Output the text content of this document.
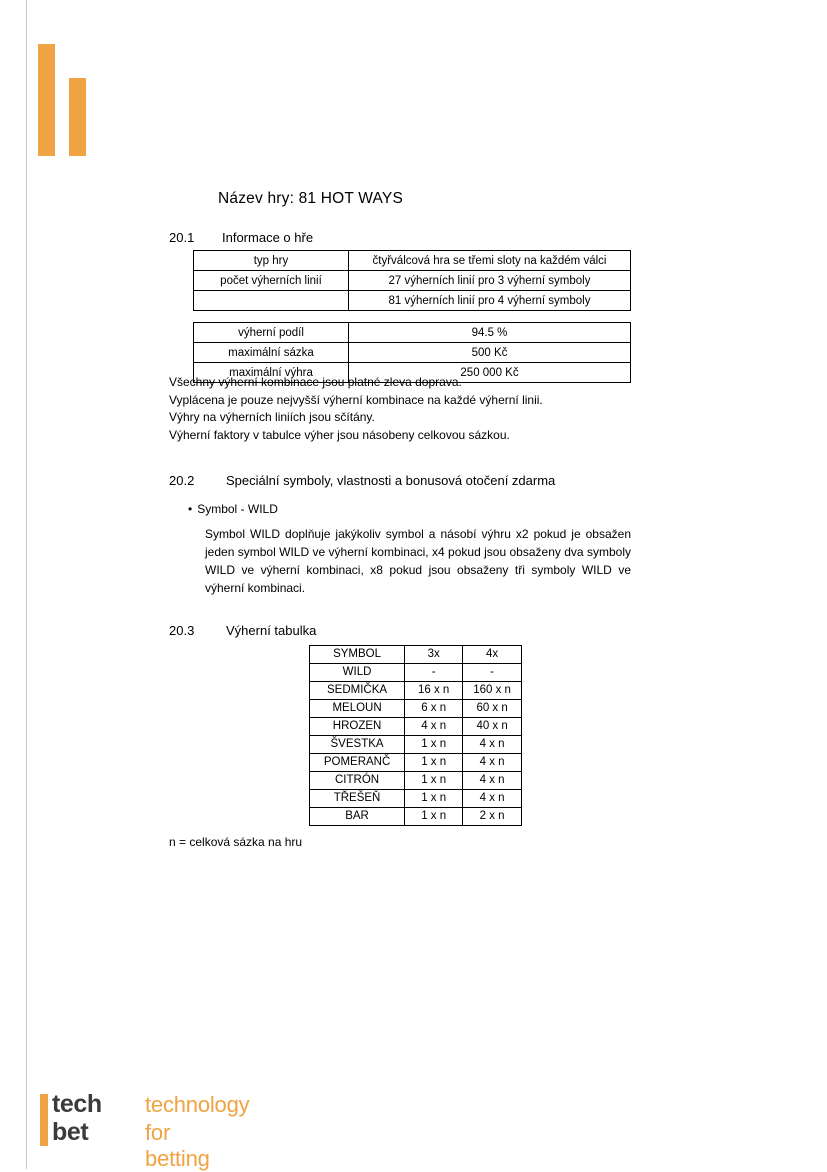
Název hry: 81 HOT WAYS
20.1 Informace o hře
typ hry	čtyřválcová hra se třemi sloty na každém válci
počet výherních linií	27 výherních linií pro 3 výherní symboly
	81 výherních linií pro 4 výherní symboly

výherní podíl	94.5 %
maximální sázka	500 Kč
maximální výhra	250 000 Kč
Všechny výherní kombinace jsou platné zleva doprava.
Vyplácena je pouze nejvyšší výherní kombinace na každé výherní linii.
Výhry na výherních liniích jsou sčítány.
Výherní faktory v tabulce výher jsou násobeny celkovou sázkou.
20.2 Speciální symboly, vlastnosti a bonusová otočení zdarma
• Symbol - WILD
Symbol WILD doplňuje jakýkoliv symbol a násobí výhru x2 pokud je obsažen jeden symbol WILD ve výherní kombinaci, x4 pokud jsou obsaženy dva symboly WILD ve výherní kombinaci, x8 pokud jsou obsaženy tři symboly WILD ve výherní kombinaci.
20.3 Výherní tabulka
SYMBOL	3x	4x
WILD	-	-
SEDMIČKA	16 x n	160 x n
MELOUN	6 x n	60 x n
HROZEN	4 x n	40 x n
ŠVESTKA	1 x n	4 x n
POMERANČ	1 x n	4 x n
CITRÓN	1 x n	4 x n
TŘEŠEŇ	1 x n	4 x n
BAR	1 x n	2 x n
n = celková sázka na hru
tech
bet
technology
for betting
